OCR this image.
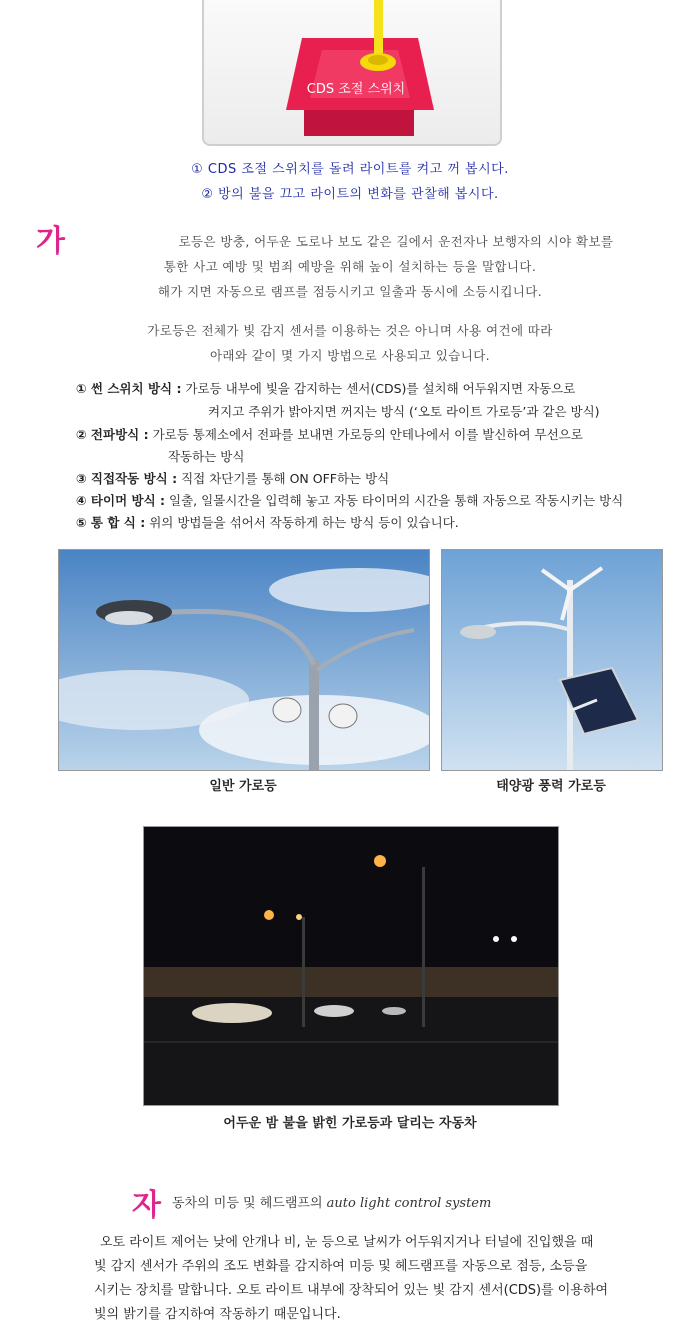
CDS 조절 스위치
① CDS 조절 스위치를 돌려 라이트를 켜고 꺼 봅시다.
② 방의 불을 끄고 라이트의 변화를 관찰해 봅시다.
가	로등은 방충, 어두운 도로나 보도 같은 길에서 운전자나 보행자의 시야 확보를
통한 사고 예방 및 범죄 예방을 위해 높이 설치하는 등을 말합니다.
해가 지면 자동으로 램프를 점등시키고 일출과 동시에 소등시킵니다.
가로등은 전체가 빛 감지 센서를 이용하는 것은 아니며 사용 여건에 따라
아래와 같이 몇 가지 방법으로 사용되고 있습니다.
① 썬 스위치 방식 : 가로등 내부에 빛을 감지하는 센서(CDS)를 설치해 어두워지면 자동으로
켜지고 주위가 밝아지면 꺼지는 방식 (‘오토 라이트 가로등’과 같은 방식)
② 전파방식 : 가로등 통제소에서 전파를 보내면 가로등의 안테나에서 이를 발신하여 무선으로
작동하는 방식
③ 직접작동 방식 : 직접 차단기를 통해 ON OFF하는 방식
④ 타이머 방식 : 일출, 일몰시간을 입력해 놓고 자동 타이머의 시간을 통해 자동으로 작동시키는 방식
⑤ 통 합 식 : 위의 방법들을 섞어서 작동하게 하는 방식 등이 있습니다.
일반 가로등	태양광 풍력 가로등
어두운 밤 불을 밝힌 가로등과 달리는 자동차
자 동차의 미등 및 헤드램프의 auto light control system
오토 라이트 제어는 낮에 안개나 비, 눈 등으로 날씨가 어두워지거나 터널에 진입했을 때
빛 감지 센서가 주위의 조도 변화를 감지하여 미등 및 헤드램프를 자동으로 점등, 소등을
시키는 장치를 말합니다. 오토 라이트 내부에 장착되어 있는 빛 감지 센서(CDS)를 이용하여
빛의 밝기를 감지하여 작동하기 때문입니다.
